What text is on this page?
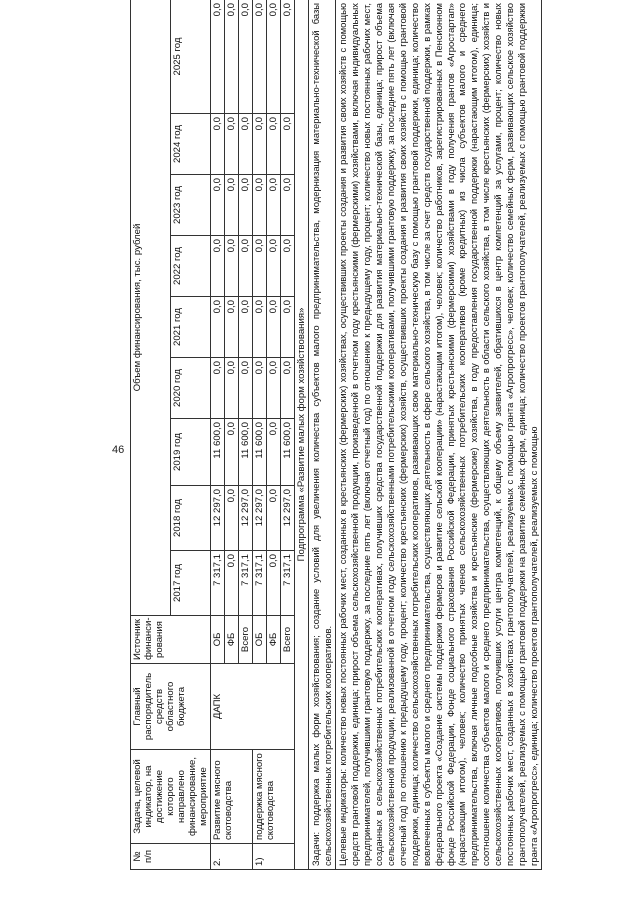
46
№ п/п	Задача, целевой индикатор, на достижение которого направлено финансирование, мероприятие	Главный распорядитель средств областного бюджета	Источник финанси-рования	Объем финансирования, тыс. рублей								
				2017 год	2018 год	2019 год	2020 год	2021 год	2022 год	2023 год	2024 год	2025 год
2.	Развитие мясного скотоводства	ДАПК	ОБ	7 317,1	12 297,0	11 600,0	0,0	0,0	0,0	0,0	0,0	0,0
			ФБ	0,0	0,0	0,0	0,0	0,0	0,0	0,0	0,0	0,0
			Всего	7 317,1	12 297,0	11 600,0	0,0	0,0	0,0	0,0	0,0	0,0
1)	поддержка мясного скотоводства		ОБ	7 317,1	12 297,0	11 600,0	0,0	0,0	0,0	0,0	0,0	0,0
			ФБ	0,0	0,0	0,0	0,0	0,0	0,0	0,0	0,0	0,0
			Всего	7 317,1	12 297,0	11 600,0	0,0	0,0	0,0	0,0	0,0	0,0
Подпрограмма «Развитие малых форм хозяйствования»												
Задачи: поддержка малых форм хозяйствования; создание условий для увеличения количества субъектов малого предпринимательства, модернизация материально-технической базы сельскохозяйственных потребительских кооперативов.												
Целевые индикаторы: количество новых постоянных рабочих мест, созданных в крестьянских (фермерских) хозяйствах, осуществивших проекты создания и развития своих хозяйств с помощью средств грантовой поддержки, единица; прирост объема сельскохозяйственной продукции, произведенной в отчетном году крестьянскими (фермерскими) хозяйствами, включая индивидуальных предпринимателей, получившими грантовую поддержку, за последние пять лет (включая отчетный год) по отношению к предыдущему году, процент; количество новых постоянных рабочих мест, созданных в сельскохозяйственных потребительских кооперативах, получивших средства государственной поддержки для развития материально-технической базы, единица; прирост объема сельскохозяйственной продукции, реализованной в отчетном году сельскохозяйственными потребительскими кооперативами, получившими грантовую поддержку, за последние пять лет (включая отчетный год) по отношению к предыдущему году, процент; количество крестьянских (фермерских) хозяйств, осуществивших проекты создания и развития своих хозяйств с помощью грантовой поддержки, единица; количество сельскохозяйственных потребительских кооперативов, развивающих свою материально-техническую базу с помощью грантовой поддержки, единица; количество вовлеченных в субъекты малого и среднего предпринимательства, осуществляющих деятельность в сфере сельского хозяйства, в том числе за счет средств государственной поддержки, в рамках федерального проекта «Создание системы поддержки фермеров и развитие сельской кооперации» (нарастающим итогом), человек; количество работников, зарегистрированных в Пенсионном фонде Российской Федерации, Фонде социального страхования Российской Федерации, принятых крестьянскими (фермерскими) хозяйствами в году получения грантов «Агростартап» (нарастающим итогом), человек; количество принятых членов сельскохозяйственных потребительских кооперативов (кроме кредитных) из числа субъектов малого и среднего предпринимательства, включая личные подсобные хозяйства и крестьянские (фермерские) хозяйства, в году предоставления государственной поддержки (нарастающим итогом), единица; соотношение количества субъектов малого и среднего предпринимательства, осуществляющих деятельность в области сельского хозяйства, в том числе крестьянских (фермерских) хозяйств и сельскохозяйственных кооперативов, получивших услуги центра компетенций, к общему объему заявителей, обратившихся в центр компетенций за услугами, процент; количество новых постоянных рабочих мест, созданных в хозяйствах грантополучателей, реализуемых с помощью гранта «Агропрогресс», человек; количество семейных ферм, развивающих сельское хозяйство грантополучателей, реализуемых с помощью грантовой поддержки на развитие семейных ферм, единица; количество проектов грантополучателей, реализуемых с помощью грантовой поддержки гранта «Агропрогресс», единица; количество проектов грантополучателей, реализуемых с помощью												
